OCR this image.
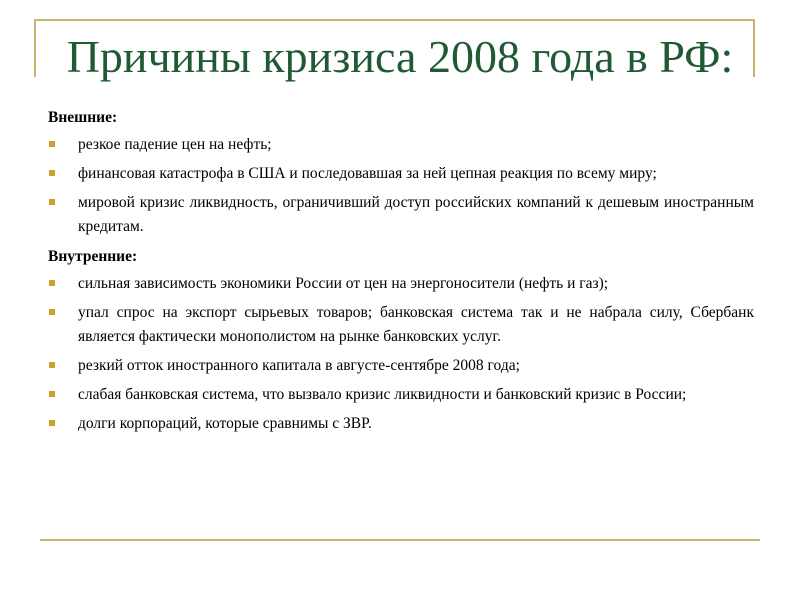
Причины кризиса 2008 года в РФ:

Внешние:

резкое падение цен на нефть;
финансовая катастрофа в США и последовавшая за ней цепная реакция по всему миру;
мировой кризис ликвидность, ограничивший доступ российских компаний к дешевым иностранным кредитам.

Внутренние:

сильная зависимость экономики России от цен на энергоносители (нефть и газ);
упал спрос на экспорт сырьевых товаров; банковская система так и не набрала силу, Сбербанк является фактически монополистом на рынке банковских услуг.
резкий отток иностранного капитала в августе-сентябре 2008 года;
слабая банковская система, что вызвало кризис ликвидности и банковский кризис в России;
долги корпораций, которые сравнимы с ЗВР.
